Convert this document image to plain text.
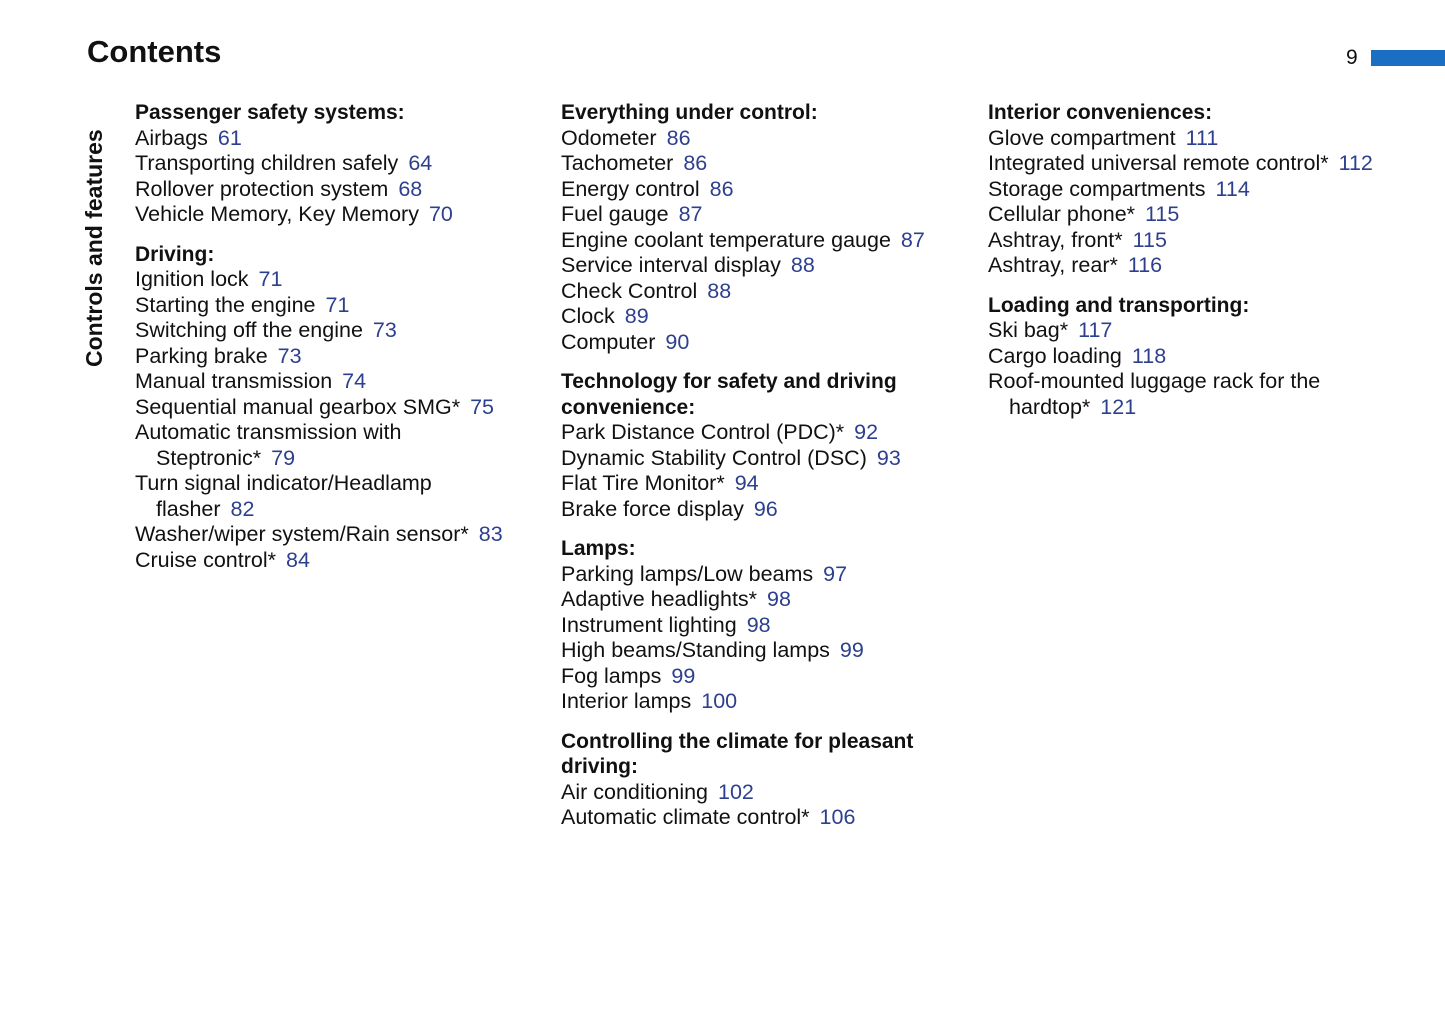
Contents	9
Controls and features
Passenger safety systems:
Airbags 61
Transporting children safely 64
Rollover protection system 68
Vehicle Memory, Key Memory 70
Driving:
Ignition lock 71
Starting the engine 71
Switching off the engine 73
Parking brake 73
Manual transmission 74
Sequential manual gearbox SMG* 75
Automatic transmission with Steptronic* 79
Turn signal indicator/Headlamp flasher 82
Washer/wiper system/Rain sensor* 83
Cruise control* 84
Everything under control:
Odometer 86
Tachometer 86
Energy control 86
Fuel gauge 87
Engine coolant temperature gauge 87
Service interval display 88
Check Control 88
Clock 89
Computer 90
Technology for safety and driving convenience:
Park Distance Control (PDC)* 92
Dynamic Stability Control (DSC) 93
Flat Tire Monitor* 94
Brake force display 96
Lamps:
Parking lamps/Low beams 97
Adaptive headlights* 98
Instrument lighting 98
High beams/Standing lamps 99
Fog lamps 99
Interior lamps 100
Controlling the climate for pleasant driving:
Air conditioning 102
Automatic climate control* 106
Interior conveniences:
Glove compartment 111
Integrated universal remote control* 112
Storage compartments 114
Cellular phone* 115
Ashtray, front* 115
Ashtray, rear* 116
Loading and transporting:
Ski bag* 117
Cargo loading 118
Roof-mounted luggage rack for the hardtop* 121
